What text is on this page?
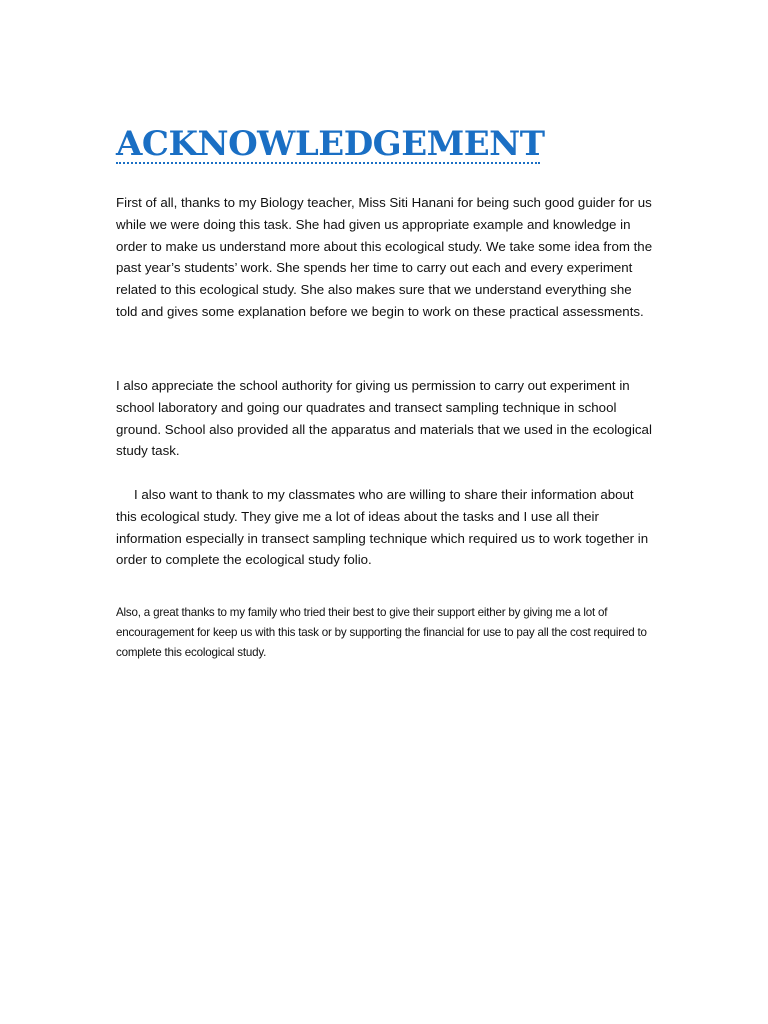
ACKNOWLEDGEMENT

First of all, thanks to my Biology teacher, Miss Siti Hanani for being such good guider for us while we were doing this task. She had given us appropriate example and knowledge in order to make us understand more about this ecological study. We take some idea from the past year’s students’ work. She spends her time to carry out each and every experiment related to this ecological study. She also makes sure that we understand everything she told and gives some explanation before we begin to work on these practical assessments.

I also appreciate the school authority for giving us permission to carry out experiment in school laboratory and going our quadrates and transect sampling technique in school ground. School also provided all the apparatus and materials that we used in the ecological study task.

I also want to thank to my classmates who are willing to share their information about this ecological study. They give me a lot of ideas about the tasks and I use all their information especially in transect sampling technique which required us to work together in order to complete the ecological study folio.

Also, a great thanks to my family who tried their best to give their support either by giving me a lot of encouragement for keep us with this task or by supporting the financial for use to pay all the cost required to complete this ecological study.
